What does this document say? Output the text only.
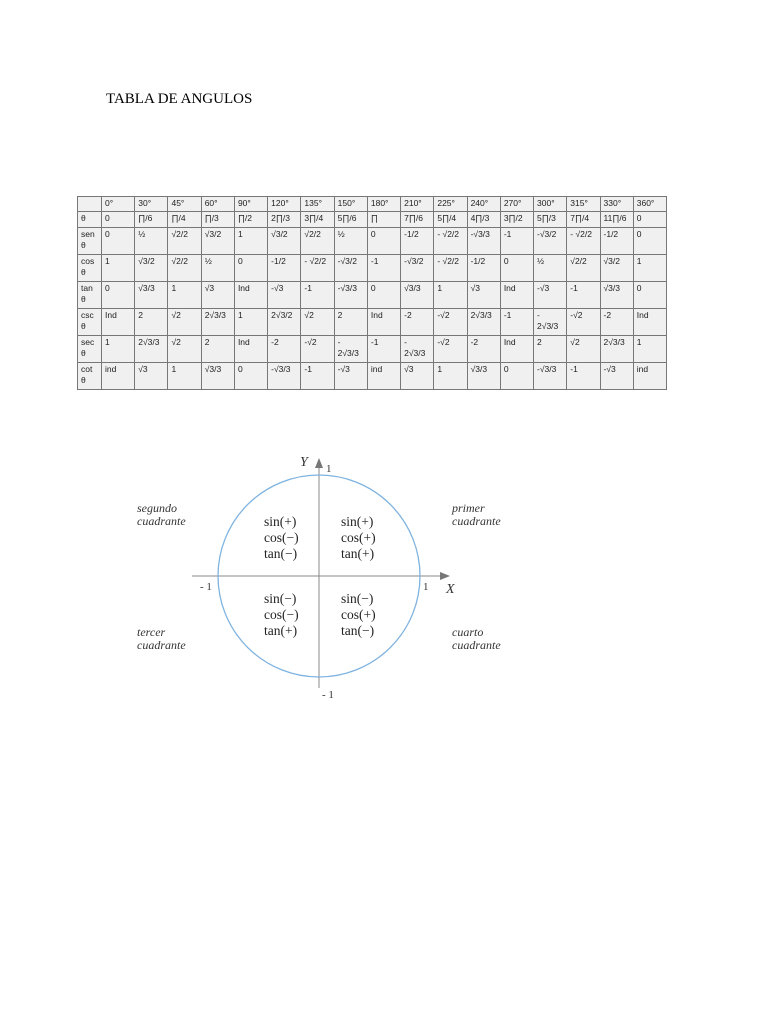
TABLA DE ANGULOS
	0°	30°	45°	60°	90°	120°	135°	150°	180°	210°	225°	240°	270°	300°	315°	330°	360°
θ	0	∏/6	∏/4	∏/3	∏/2	2∏/3	3∏/4	5∏/6	∏	7∏/6	5∏/4	4∏/3	3∏/2	5∏/3	7∏/4	11∏/6	0
sen θ	0	½	√2/2	√3/2	1	√3/2	√2/2	½	0	-1/2	- √2/2	-√3/3	-1	-√3/2	- √2/2	-1/2	0
cos θ	1	√3/2	√2/2	½	0	-1/2	- √2/2	-√3/2	-1	-√3/2	- √2/2	-1/2	0	½	√2/2	√3/2	1
tan θ	0	√3/3	1	√3	Ind	-√3	-1	-√3/3	0	√3/3	1	√3	Ind	-√3	-1	√3/3	0
csc θ	Ind	2	√2	2√3/3	1	2√3/2	√2	2	Ind	-2	-√2	2√3/3	-1	- 2√3/3	-√2	-2	Ind
sec θ	1	2√3/3	√2	2	Ind	-2	-√2	- 2√3/3	-1	- 2√3/3	-√2	-2	Ind	2	√2	2√3/3	1
cot θ	ind	√3	1	√3/3	0	-√3/3	-1	-√3	ind	√3	1	√3/3	0	-√3/3	-1	-√3	ind
Y 1
X
1
- 1
- 1
primer
cuadrante
segundo
cuadrante
tercer
cuadrante
cuarto
cuadrante
sin(+)
cos(+)
tan(+)
sin(+)
cos(−)
tan(−)
sin(−)
cos(−)
tan(+)
sin(−)
cos(+)
tan(−)
